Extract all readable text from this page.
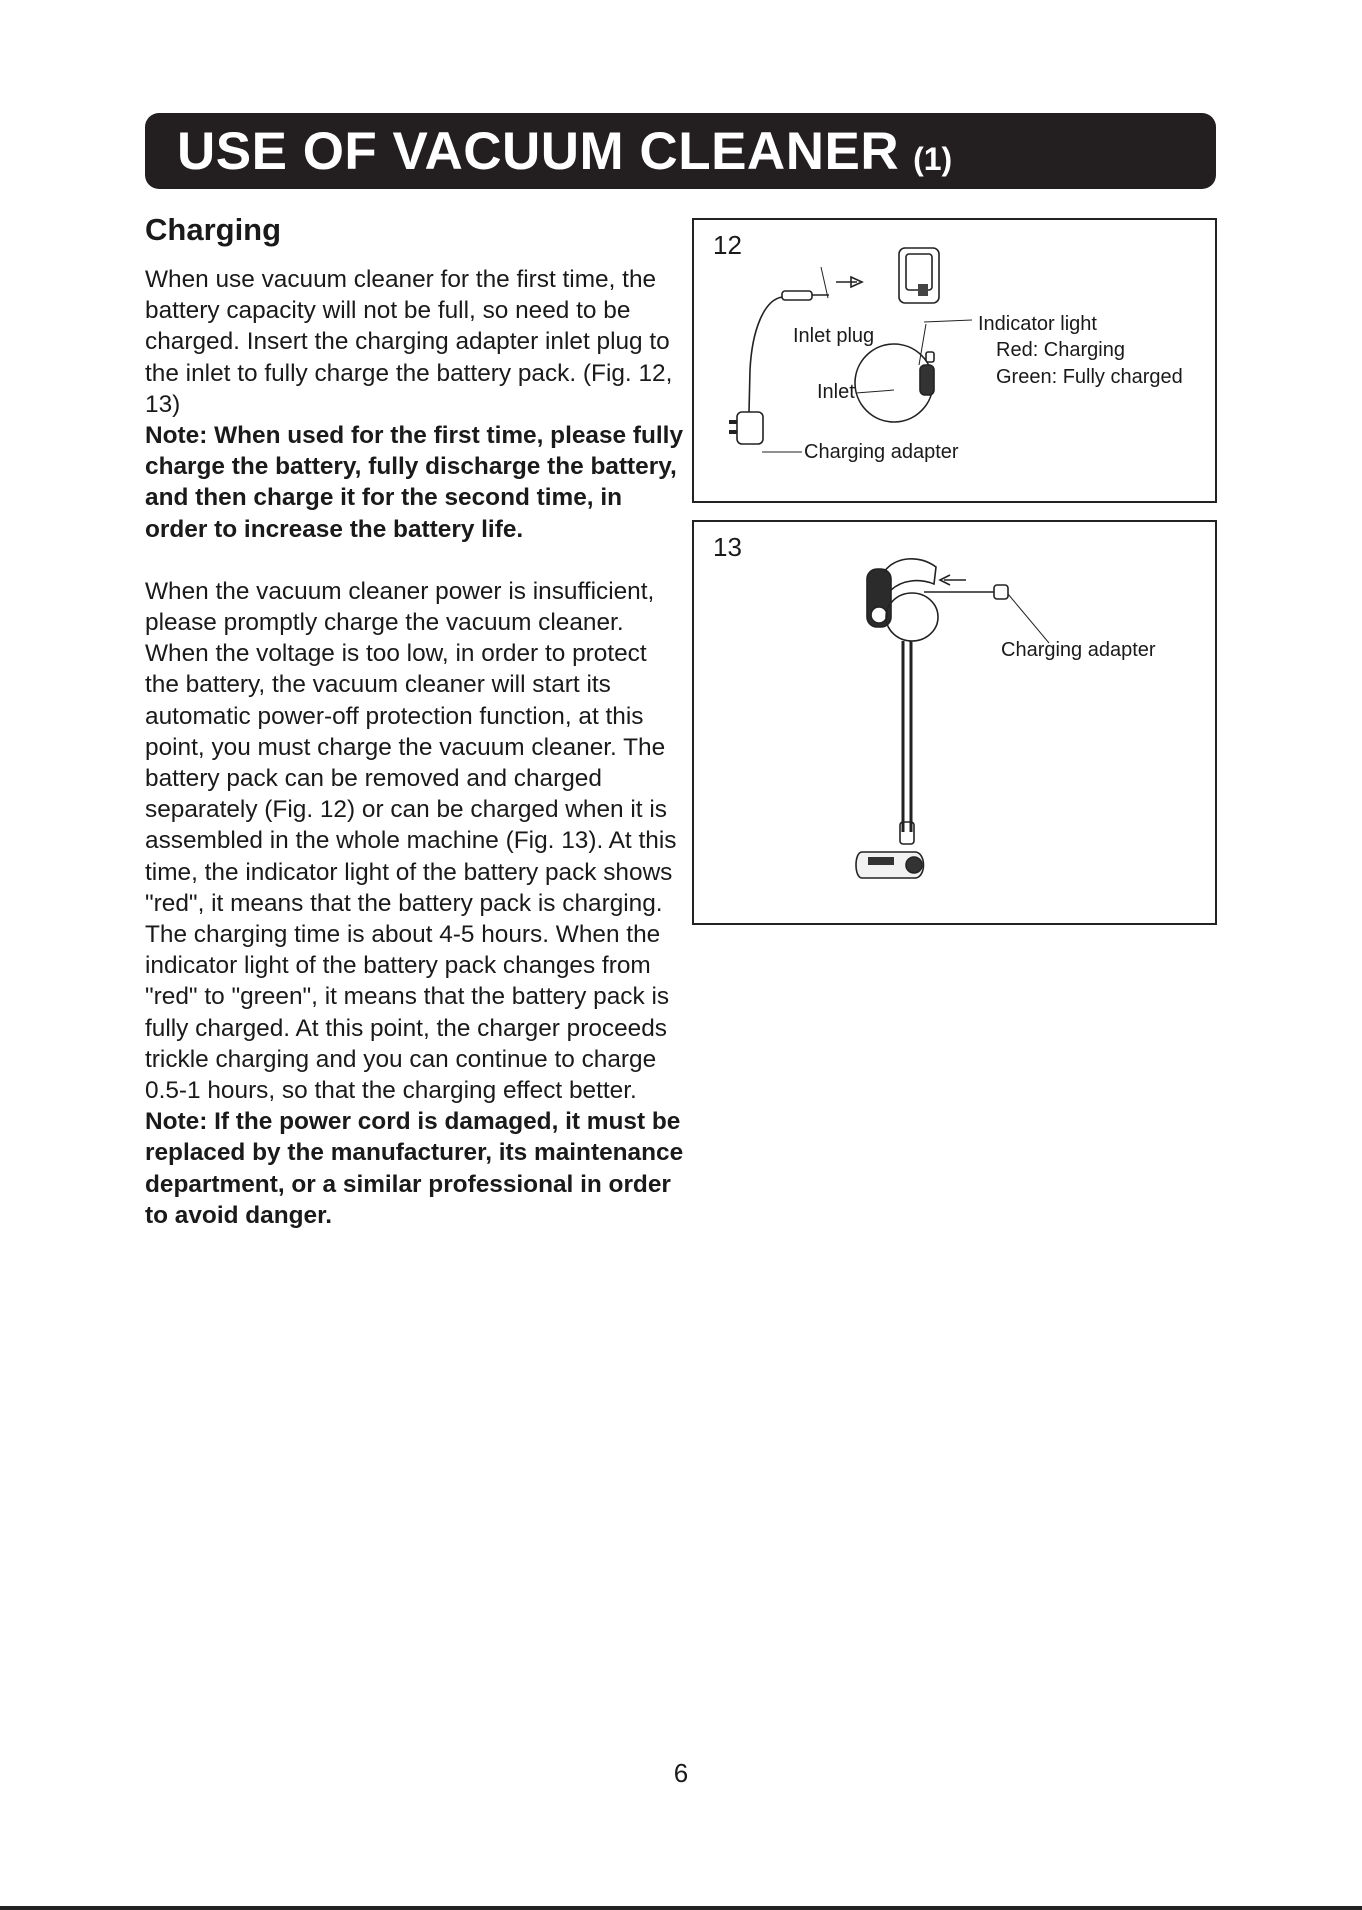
USE OF VACUUM CLEANER (1)
Charging

When use vacuum cleaner for the first time, the battery capacity will not be full, so need to be charged. Insert the charging adapter inlet plug to the inlet to fully charge the battery pack. (Fig. 12, 13)

Note: When used for the first time, please fully charge the battery, fully discharge the battery, and then charge it for the second time, in order to increase the battery life.

When the vacuum cleaner power is insufficient, please promptly charge the vacuum cleaner. When the voltage is too low, in order to protect the battery, the vacuum cleaner will start its automatic power-off protection function, at this point, you must charge the vacuum cleaner. The battery pack can be removed and charged separately (Fig. 12) or can be charged when it is assembled in the whole machine (Fig. 13). At this time, the indicator light of the battery pack shows "red", it means that the battery pack is charging.

The charging time is about 4-5 hours. When the indicator light of the battery pack changes from "red" to "green", it means that the battery pack is fully charged. At this point, the charger proceeds trickle charging and you can continue to charge 0.5-1 hours, so that the charging effect better.

Note: If the power cord is damaged, it must be replaced by the manufacturer, its maintenance department, or a similar professional in order to avoid danger.

12
Inlet plug
Inlet
Charging adapter
Indicator light
Red: Charging
Green: Fully charged
13
Charging adapter
6
